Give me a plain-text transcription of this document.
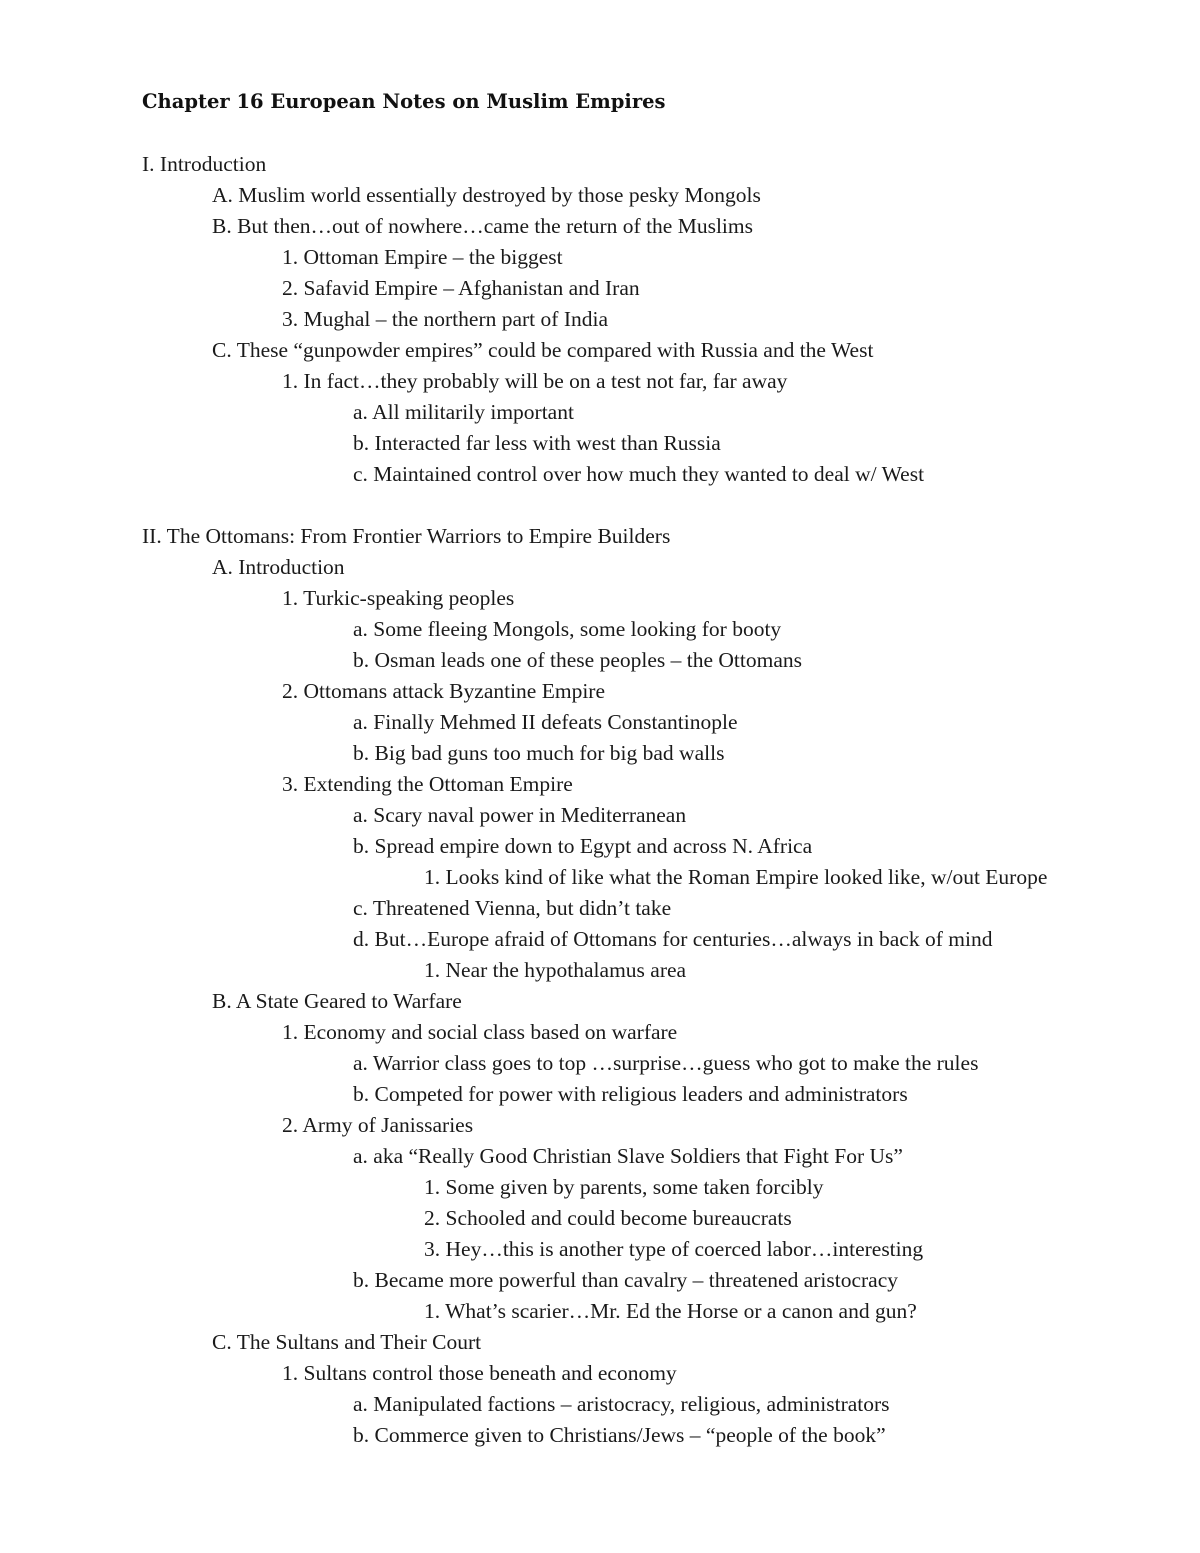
Chapter 16 European Notes on Muslim Empires
I. Introduction
A. Muslim world essentially destroyed by those pesky Mongols
B. But then…out of nowhere…came the return of the Muslims
1. Ottoman Empire – the biggest
2. Safavid Empire – Afghanistan and Iran
3. Mughal – the northern part of India
C. These “gunpowder empires” could be compared with Russia and the West
1. In fact…they probably will be on a test not far, far away
a. All militarily important
b. Interacted far less with west than Russia
c. Maintained control over how much they wanted to deal w/ West
II. The Ottomans: From Frontier Warriors to Empire Builders
A. Introduction
1. Turkic-speaking peoples
a. Some fleeing Mongols, some looking for booty
b. Osman leads one of these peoples – the Ottomans
2. Ottomans attack Byzantine Empire
a. Finally Mehmed II defeats Constantinople
b. Big bad guns too much for big bad walls
3. Extending the Ottoman Empire
a. Scary naval power in Mediterranean
b. Spread empire down to Egypt and across N. Africa
1. Looks kind of like what the Roman Empire looked like, w/out Europe
c. Threatened Vienna, but didn’t take
d. But…Europe afraid of Ottomans for centuries…always in back of mind
1. Near the hypothalamus area
B. A State Geared to Warfare
1. Economy and social class based on warfare
a. Warrior class goes to top …surprise…guess who got to make the rules
b. Competed for power with religious leaders and administrators
2. Army of Janissaries
a. aka “Really Good Christian Slave Soldiers that Fight For Us”
1. Some given by parents, some taken forcibly
2. Schooled and could become bureaucrats
3. Hey…this is another type of coerced labor…interesting
b. Became more powerful than cavalry – threatened aristocracy
1. What’s scarier…Mr. Ed the Horse or a canon and gun?
C. The Sultans and Their Court
1. Sultans control those beneath and economy
a. Manipulated factions – aristocracy, religious, administrators
b. Commerce given to Christians/Jews – “people of the book”
